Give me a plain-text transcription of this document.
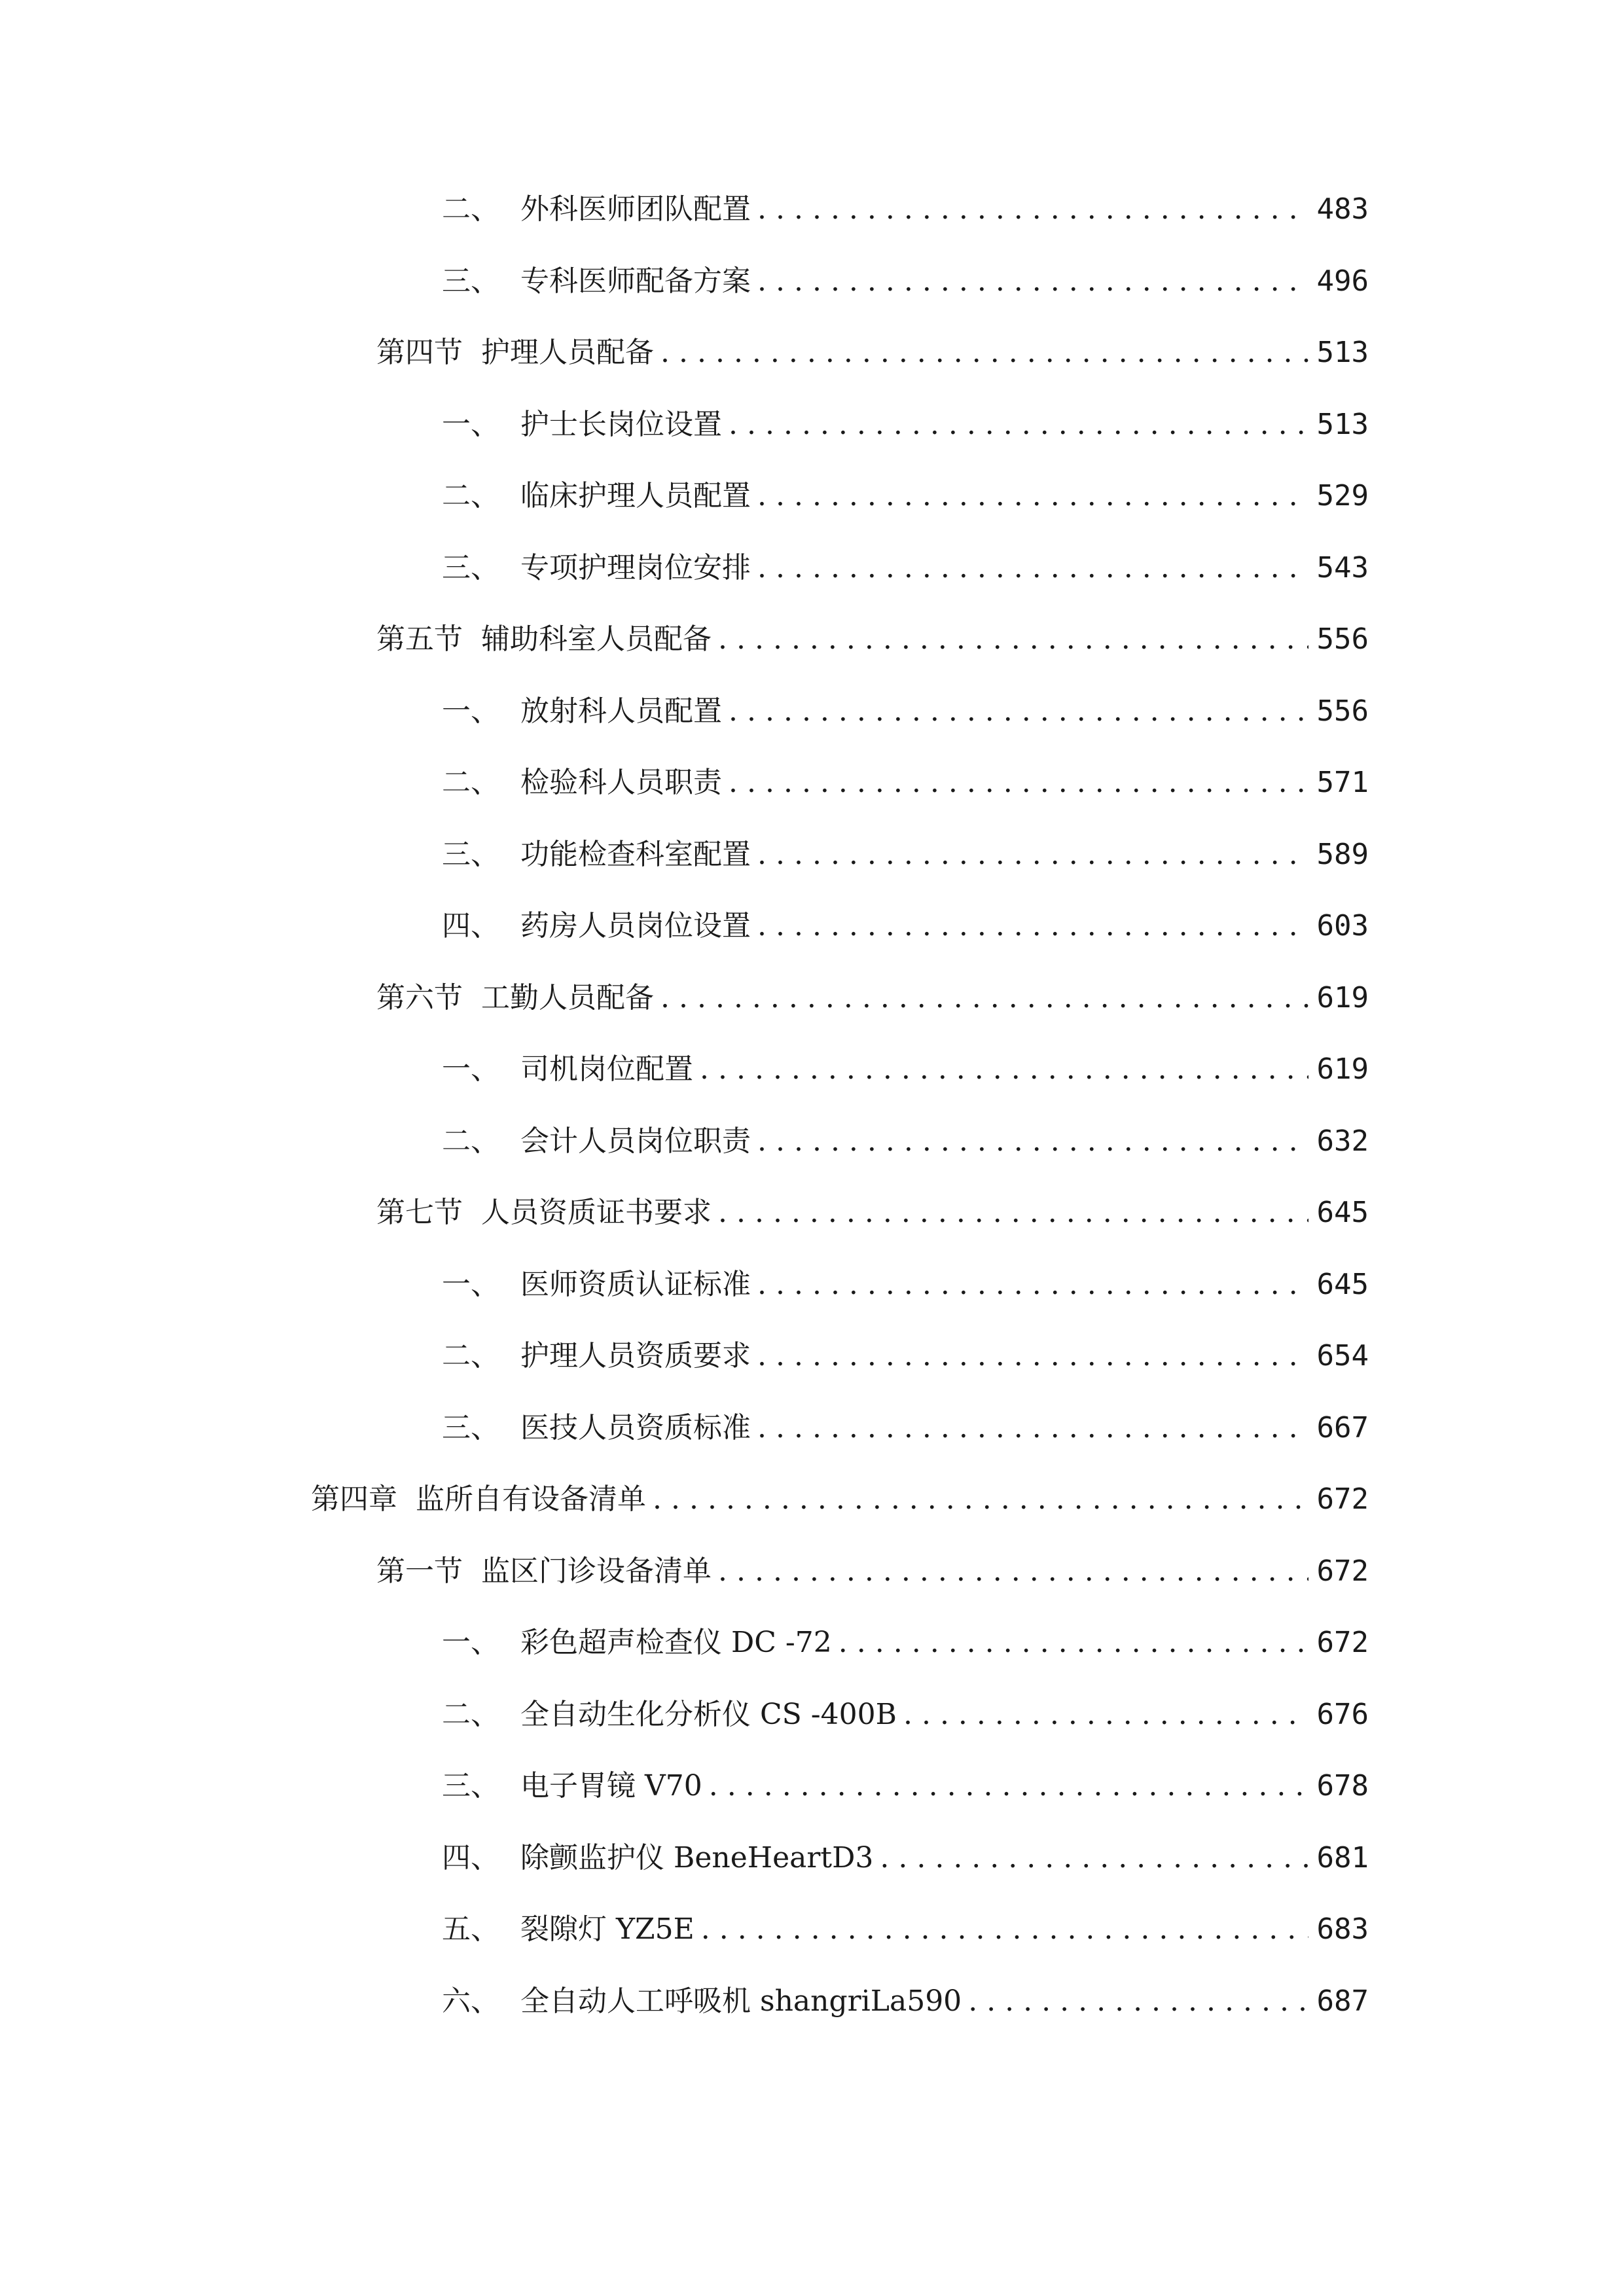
二、 外科医师团队配置 .....	483
三、 专科医师配备方案 .....	496
第四节 护理人员配备 .....	513
一、 护士长岗位设置 .....	513
二、 临床护理人员配置 .....	529
三、 专项护理岗位安排 .....	543
第五节 辅助科室人员配备 .....	556
一、 放射科人员配置 .....	556
二、 检验科人员职责 .....	571
三、 功能检查科室配置 .....	589
四、 药房人员岗位设置 .....	603
第六节 工勤人员配备 .....	619
一、 司机岗位配置 .....	619
二、 会计人员岗位职责 .....	632
第七节 人员资质证书要求 .....	645
一、 医师资质认证标准 .....	645
二、 护理人员资质要求 .....	654
三、 医技人员资质标准 .....	667
第四章 监所自有设备清单 .....	672
第一节 监区门诊设备清单 .....	672
一、 彩色超声检查仪 DC -72 .....	672
二、 全自动生化分析仪 CS -400B .....	676
三、 电子胃镜 V70 .....	678
四、 除颤监护仪 BeneHeartD3 .....	681
五、 裂隙灯 YZ5E .....	683
六、 全自动人工呼吸机 shangriLa590 .....	687
